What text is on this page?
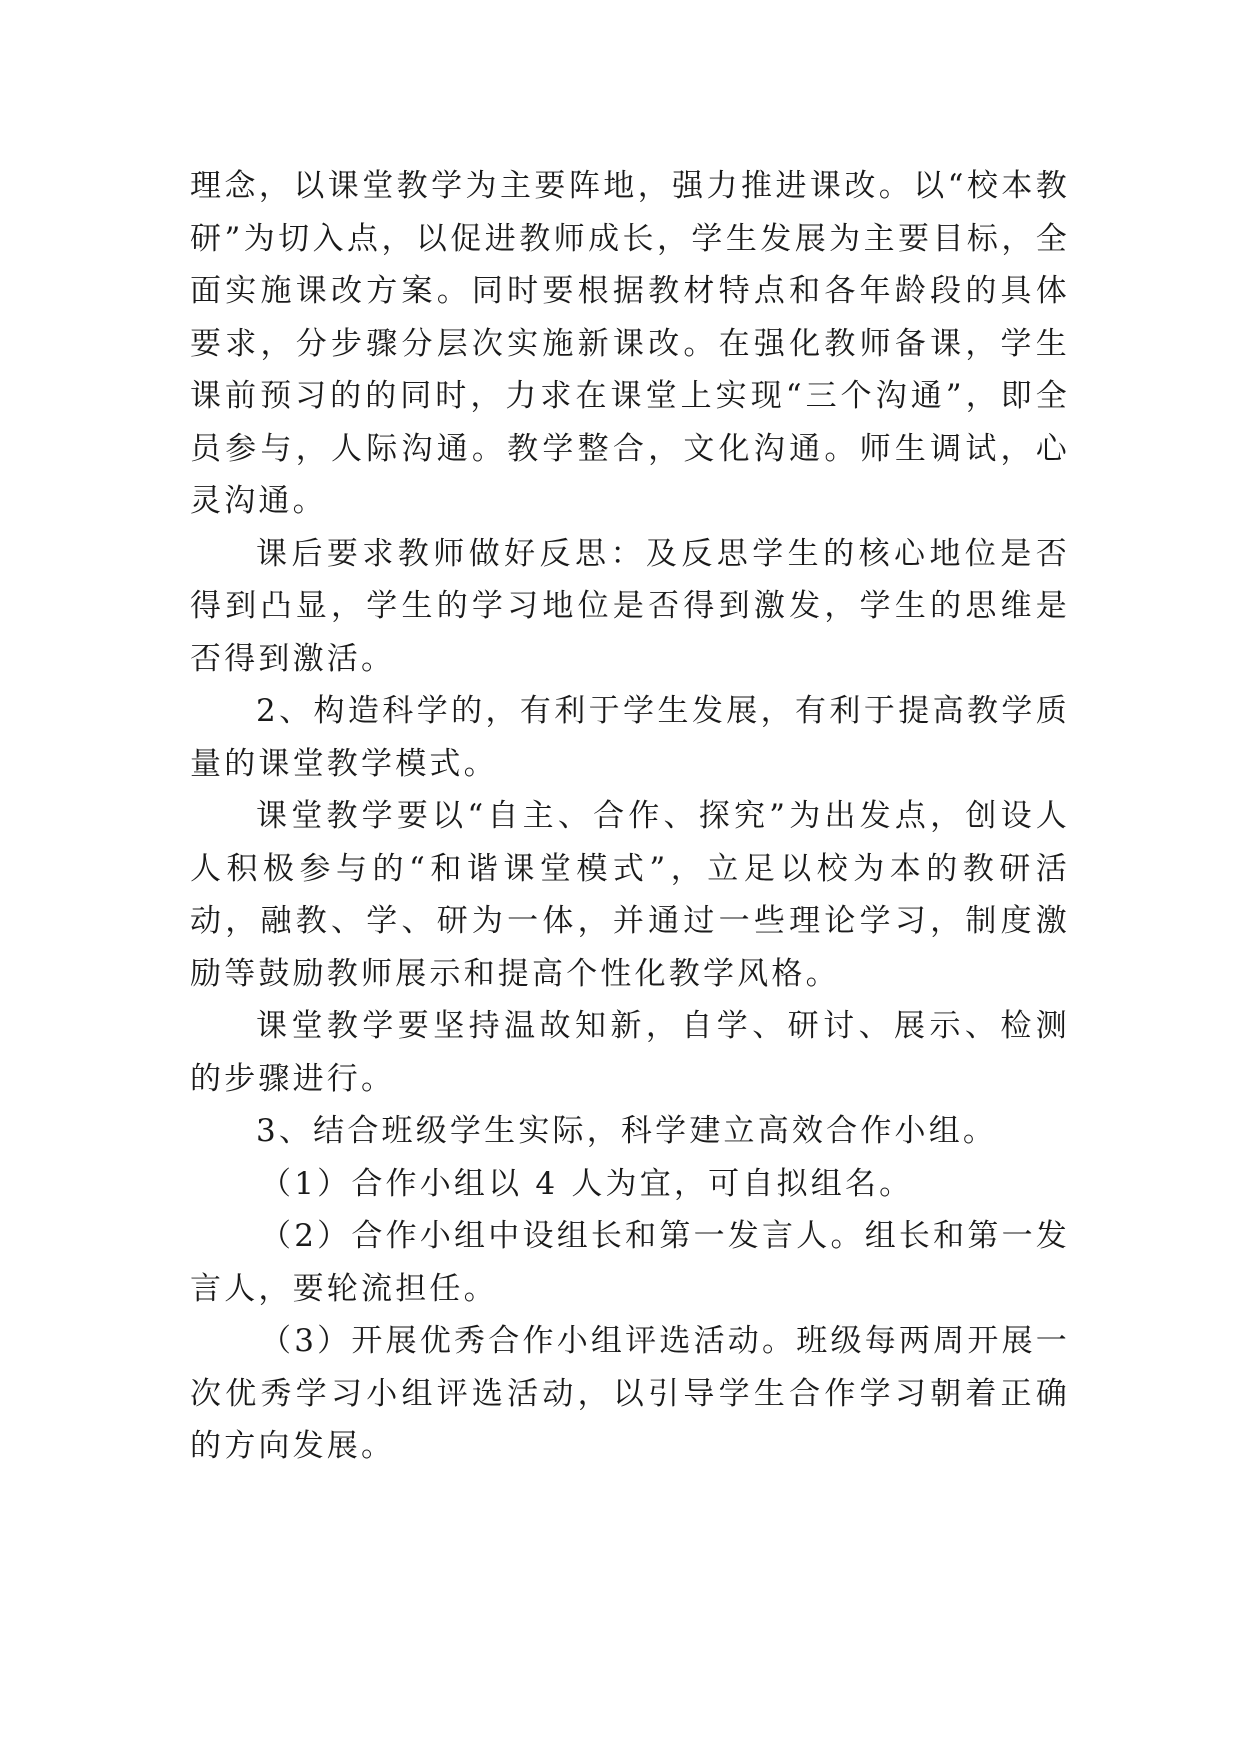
理念，以课堂教学为主要阵地，强力推进课改。以“校本教研”为切入点，以促进教师成长，学生发展为主要目标，全面实施课改方案。同时要根据教材特点和各年龄段的具体要求，分步骤分层次实施新课改。在强化教师备课，学生课前预习的的同时，力求在课堂上实现“三个沟通”，即全员参与，人际沟通。教学整合，文化沟通。师生调试，心灵沟通。

课后要求教师做好反思：及反思学生的核心地位是否得到凸显，学生的学习地位是否得到激发，学生的思维是否得到激活。

2、构造科学的，有利于学生发展，有利于提高教学质量的课堂教学模式。

课堂教学要以“自主、合作、探究”为出发点，创设人人积极参与的“和谐课堂模式”，立足以校为本的教研活动，融教、学、研为一体，并通过一些理论学习，制度激励等鼓励教师展示和提高个性化教学风格。

课堂教学要坚持温故知新，自学、研讨、展示、检测的步骤进行。

3、结合班级学生实际，科学建立高效合作小组。

（1）合作小组以 4 人为宜，可自拟组名。

（2）合作小组中设组长和第一发言人。组长和第一发言人，要轮流担任。

（3）开展优秀合作小组评选活动。班级每两周开展一次优秀学习小组评选活动，以引导学生合作学习朝着正确的方向发展。
